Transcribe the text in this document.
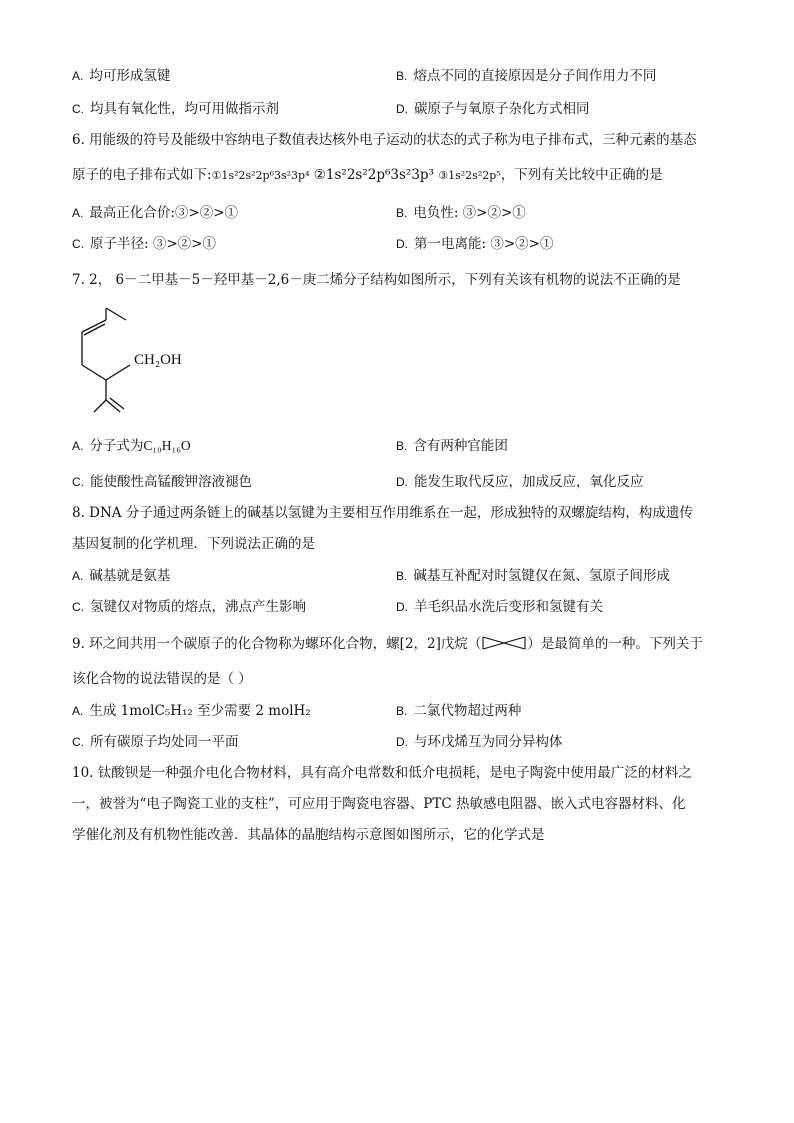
A. 均可形成氢键	B. 熔点不同的直接原因是分子间作用力不同
C. 均具有氧化性，均可用做指示剂	D. 碳原子与氧原子杂化方式相同
6. 用能级的符号及能级中容纳电子数值表达核外电子运动的状态的式子称为电子排布式，三种元素的基态
原子的电子排布式如下:①1s²2s²2p⁶3s²3p⁴ ②1s²2s²2p⁶3s²3p³ ③1s²2s²2p⁵，下列有关比较中正确的是
A. 最高正化合价:③>②>①	B. 电负性: ③>②>①
C. 原子半径: ③>②>①	D. 第一电离能: ③>②>①
7. 2， 6－二甲基－5－羟甲基－2,6－庚二烯分子结构如图所示，下列有关该有机物的说法不正确的是
CH₂OH
A. 分子式为C₁₀H₁₆O	B. 含有两种官能团
C. 能使酸性高锰酸钾溶液褪色	D. 能发生取代反应，加成反应，氧化反应
8. DNA 分子通过两条链上的碱基以氢键为主要相互作用维系在一起，形成独特的双螺旋结构，构成遗传
基因复制的化学机理．下列说法正确的是
A. 碱基就是氨基	B. 碱基互补配对时氢键仅在氮、氢原子间形成
C. 氢键仅对物质的熔点，沸点产生影响	D. 羊毛织品水洗后变形和氢键有关
9. 环之间共用一个碳原子的化合物称为螺环化合物，螺[2，2]戊烷（	）是最简单的一种。下列关于
该化合物的说法错误的是（ ）
A. 生成 1molC₅H₁₂ 至少需要 2 molH₂	B. 二氯代物超过两种
C. 所有碳原子均处同一平面	D. 与环戊烯互为同分异构体
10. 钛酸钡是一种强介电化合物材料，具有高介电常数和低介电损耗，是电子陶瓷中使用最广泛的材料之
一，被誉为“电子陶瓷工业的支柱”，可应用于陶瓷电容器、PTC 热敏感电阻器、嵌入式电容器材料、化
学催化剂及有机物性能改善．其晶体的晶胞结构示意图如图所示，它的化学式是
